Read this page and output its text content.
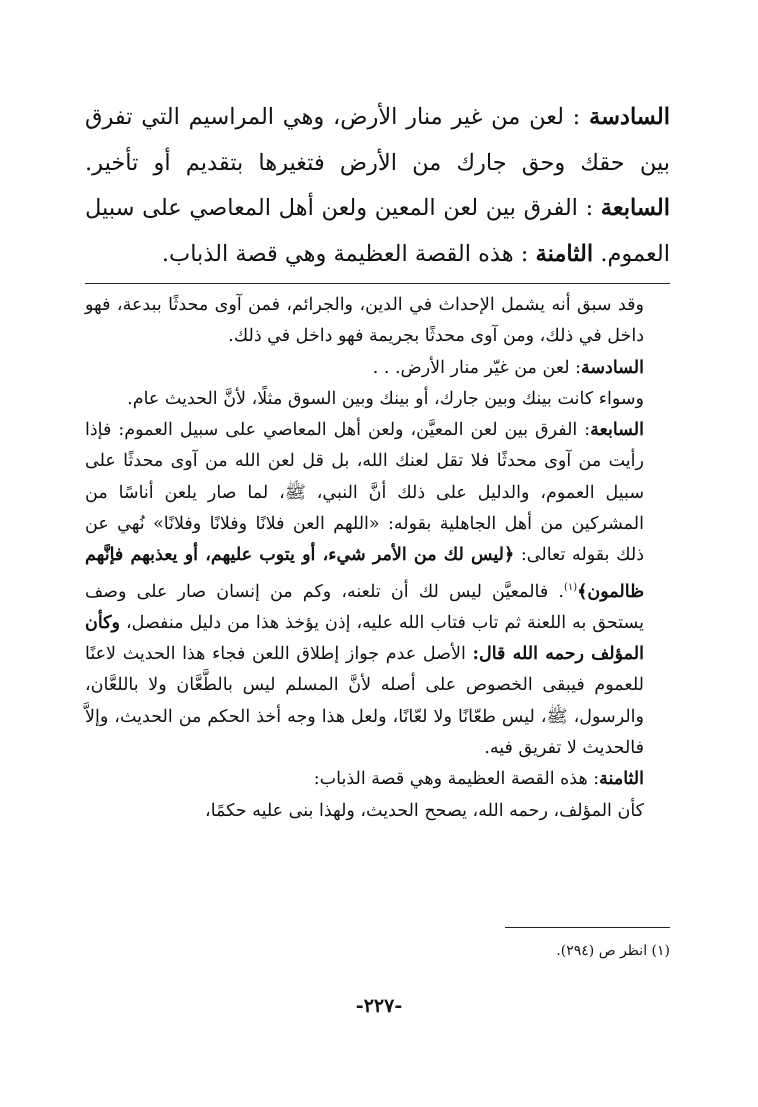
السادسة : لعن من غير منار الأرض، وهي المراسيم التي تفرق بين حقك وحق جارك من الأرض فتغيرها بتقديم أو تأخير. السابعة : الفرق بين لعن المعين ولعن أهل المعاصي على سبيل العموم. الثامنة : هذه القصة العظيمة وهي قصة الذباب.

وقد سبق أنه يشمل الإحداث في الدين، والجرائم، فمن آوى محدثًا ببدعة، فهو داخل في ذلك، ومن آوى محدثًا بجريمة فهو داخل في ذلك.

السادسة: لعن من غيّر منار الأرض. . .

وسواء كانت بينك وبين جارك، أو بينك وبين السوق مثلًا، لأنَّ الحديث عام.

السابعة: الفرق بين لعن المعيَّن، ولعن أهل المعاصي على سبيل العموم: فإذا رأيت من آوى محدثًا فلا تقل لعنك الله، بل قل لعن الله من آوى محدثًا على سبيل العموم، والدليل على ذلك أنَّ النبي، ﷺ، لما صار يلعن أناسًا من المشركين من أهل الجاهلية بقوله: «اللهم العن فلانًا وفلانًا وفلانًا» نُهي عن ذلك بقوله تعالى: ﴿ليس لك من الأمر شيء، أو يتوب عليهم، أو يعذبهم فإنَّهم ظالمون﴾$^{(١)}$. فالمعيَّن ليس لك أن تلعنه، وكم من إنسان صار على وصف يستحق به اللعنة ثم تاب فتاب الله عليه، إذن يؤخذ هذا من دليل منفصل، وكأن المؤلف رحمه الله قال: الأصل عدم جواز إطلاق اللعن فجاء هذا الحديث لاعنًا للعموم فيبقى الخصوص على أصله لأنَّ المسلم ليس بالطَّعَّان ولا باللعَّان، والرسول، ﷺ، ليس طعّانًا ولا لعّانًا، ولعل هذا وجه أخذ الحكم من الحديث، وإلاَّ فالحديث لا تفريق فيه.

الثامنة: هذه القصة العظيمة وهي قصة الذباب:

كأن المؤلف، رحمه الله، يصحح الحديث، ولهذا بنى عليه حكمًا،

(١) انظر ص (٢٩٤).
-٢٢٧-
